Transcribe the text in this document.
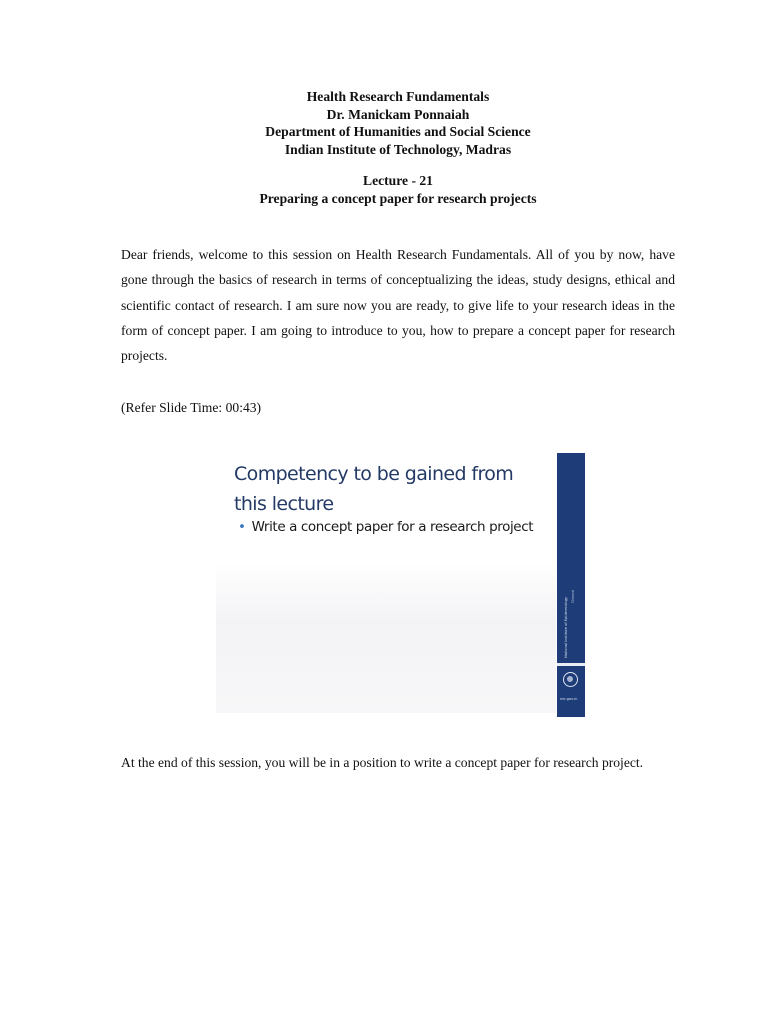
Health Research Fundamentals
Dr. Manickam Ponnaiah
Department of Humanities and Social Science
Indian Institute of Technology, Madras
Lecture - 21
Preparing a concept paper for research projects
Dear friends, welcome to this session on Health Research Fundamentals. All of you by now, have gone through the basics of research in terms of conceptualizing the ideas, study designs, ethical and scientific contact of research. I am sure now you are ready, to give life to your research ideas in the form of concept paper. I am going to introduce to you, how to prepare a concept paper for research projects.
(Refer Slide Time: 00:43)
Competency to be gained from this lecture
• Write a concept paper for a research project
National Institute of Epidemiology
Chennai
nie.gov.in
At the end of this session, you will be in a position to write a concept paper for research project.
